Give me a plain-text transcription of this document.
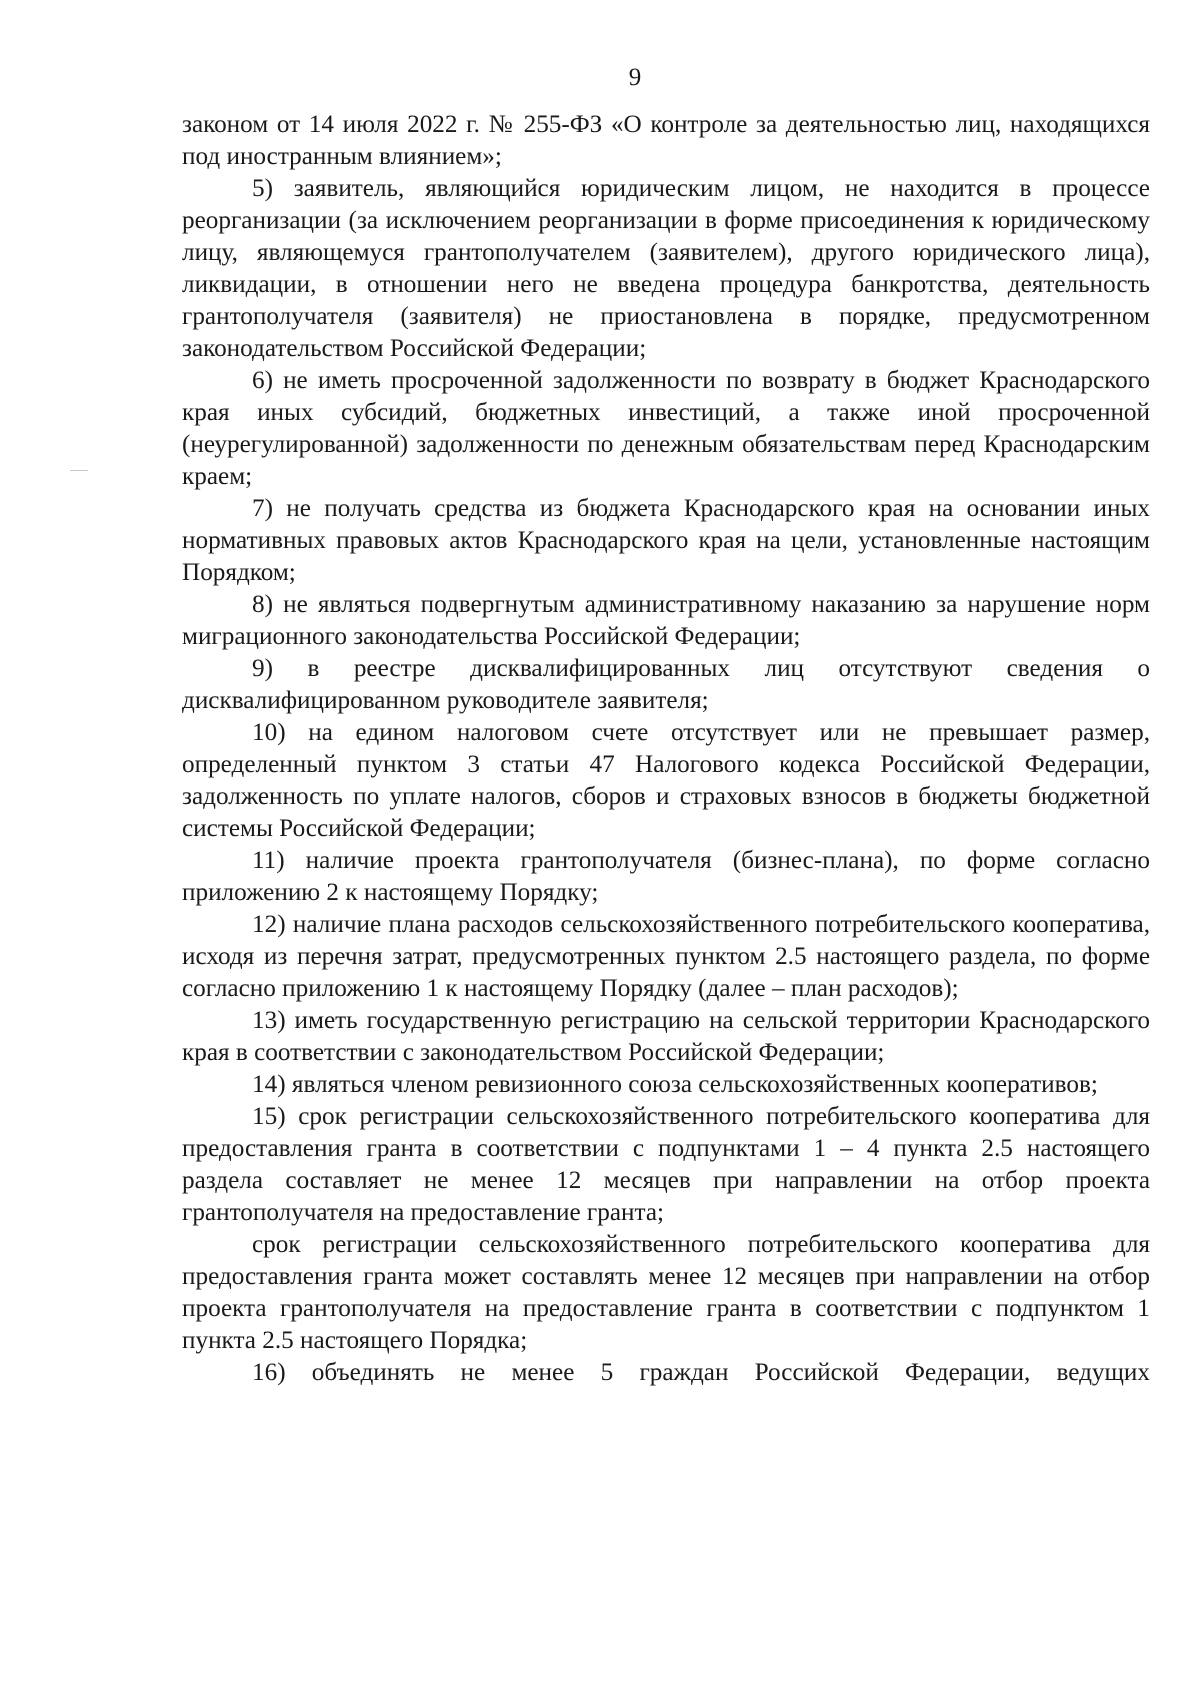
9

законом от 14 июля 2022 г. № 255-ФЗ «О контроле за деятельностью лиц, находящихся под иностранным влиянием»;

5) заявитель, являющийся юридическим лицом, не находится в процессе реорганизации (за исключением реорганизации в форме присоединения к юридическому лицу, являющемуся грантополучателем (заявителем), другого юридического лица), ликвидации, в отношении него не введена процедура банкротства, деятельность грантополучателя (заявителя) не приостановлена в порядке, предусмотренном законодательством Российской Федерации;

6) не иметь просроченной задолженности по возврату в бюджет Краснодарского края иных субсидий, бюджетных инвестиций, а также иной просроченной (неурегулированной) задолженности по денежным обязательствам перед Краснодарским краем;

7) не получать средства из бюджета Краснодарского края на основании иных нормативных правовых актов Краснодарского края на цели, установленные настоящим Порядком;

8) не являться подвергнутым административному наказанию за нарушение норм миграционного законодательства Российской Федерации;

9) в реестре дисквалифицированных лиц отсутствуют сведения о дисквалифицированном руководителе заявителя;

10) на едином налоговом счете отсутствует или не превышает размер, определенный пунктом 3 статьи 47 Налогового кодекса Российской Федерации, задолженность по уплате налогов, сборов и страховых взносов в бюджеты бюджетной системы Российской Федерации;

11) наличие проекта грантополучателя (бизнес-плана), по форме согласно приложению 2 к настоящему Порядку;

12) наличие плана расходов сельскохозяйственного потребительского кооператива, исходя из перечня затрат, предусмотренных пунктом 2.5 настоящего раздела, по форме согласно приложению 1 к настоящему Порядку (далее – план расходов);

13) иметь государственную регистрацию на сельской территории Краснодарского края в соответствии с законодательством Российской Федерации;

14) являться членом ревизионного союза сельскохозяйственных кооперативов;

15) срок регистрации сельскохозяйственного потребительского кооператива для предоставления гранта в соответствии с подпунктами 1 – 4 пункта 2.5 настоящего раздела составляет не менее 12 месяцев при направлении на отбор проекта грантополучателя на предоставление гранта;

срок регистрации сельскохозяйственного потребительского кооператива для предоставления гранта может составлять менее 12 месяцев при направлении на отбор проекта грантополучателя на предоставление гранта в соответствии с подпунктом 1 пункта 2.5 настоящего Порядка;

16) объединять не менее 5 граждан Российской Федерации, ведущих
